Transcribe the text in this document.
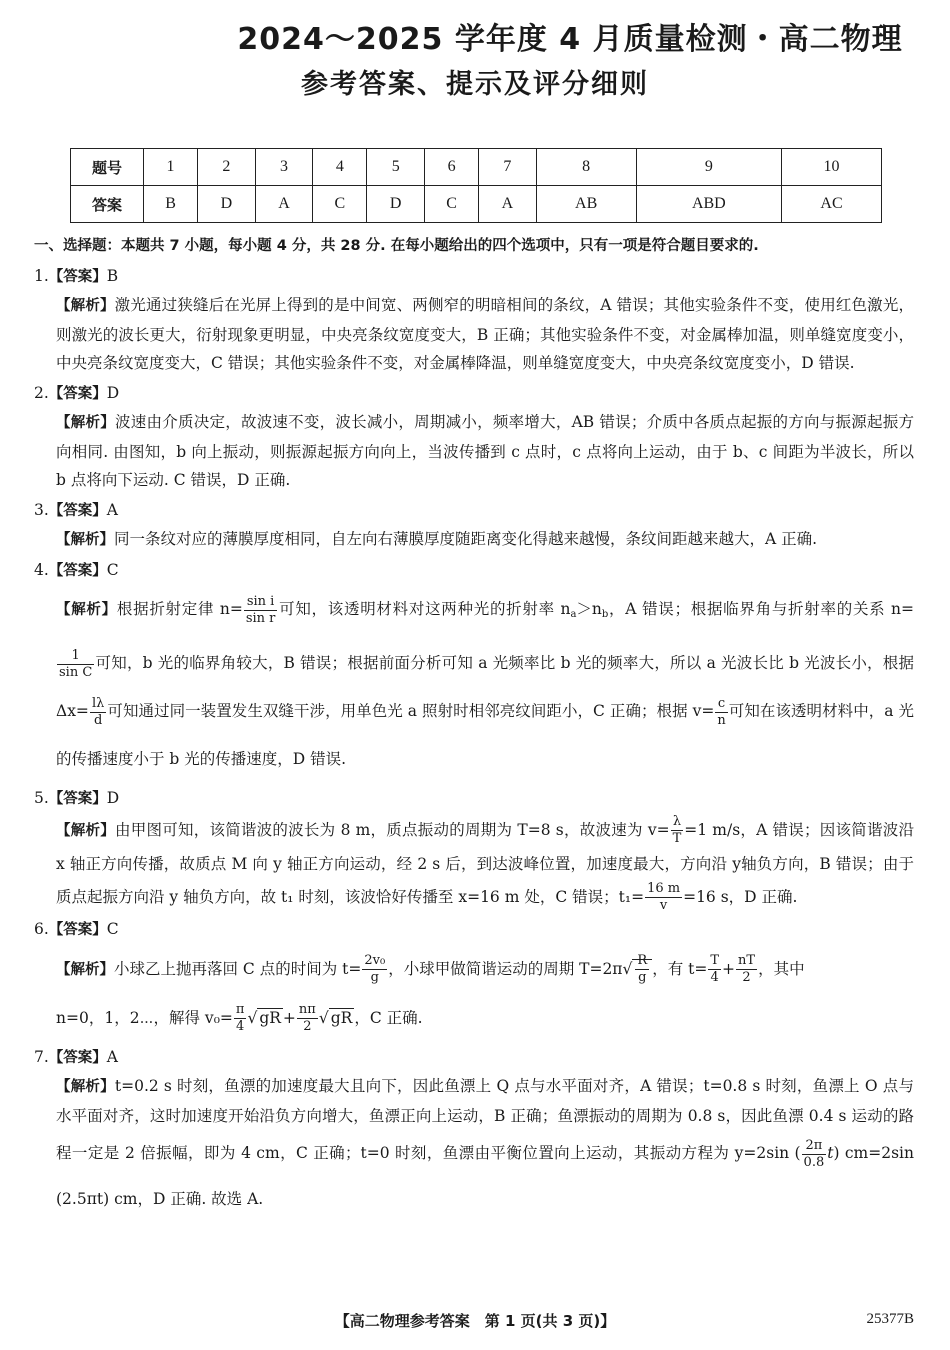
2024～2025 学年度 4 月质量检测・高二物理
参考答案、提示及评分细则
题号	1	2	3	4	5	6	7	8	9	10
答案	B	D	A	C	D	C	A	AB	ABD	AC
一、选择题：本题共 7 小题，每小题 4 分，共 28 分. 在每小题给出的四个选项中，只有一项是符合题目要求的.
1.【答案】B
【解析】激光通过狭缝后在光屏上得到的是中间宽、两侧窄的明暗相间的条纹，A 错误；其他实验条件不变，使用红色激光，则激光的波长更大，衍射现象更明显，中央亮条纹宽度变大，B 正确；其他实验条件不变，对金属棒加温，则单缝宽度变小，中央亮条纹宽度变大，C 错误；其他实验条件不变，对金属棒降温，则单缝宽度变大，中央亮条纹宽度变小，D 错误.
2.【答案】D
【解析】波速由介质决定，故波速不变，波长减小，周期减小，频率增大，AB 错误；介质中各质点起振的方向与振源起振方向相同. 由图知，b 向上振动，则振源起振方向向上，当波传播到 c 点时，c 点将向上运动，由于 b、c 间距为半波长，所以 b 点将向下运动. C 错误，D 正确.
3.【答案】A
【解析】同一条纹对应的薄膜厚度相同，自左向右薄膜厚度随距离变化得越来越慢，条纹间距越来越大，A 正确.
4.【答案】C
【解析】根据折射定律 $n= \frac{\text{sin i}}{\text{sin r}}$ 可知，该透明材料对这两种光的折射率 $n_a>n_b$，A 错误；根据临界角与折射率的关系 n=
$\frac{1}{\text{sin C}}$ 可知，b 光的临界角较大，B 错误；根据前面分析可知 a 光频率比 b 光的频率大，所以 a 光波长比 b 光波长小，根据 $\Delta x= \frac{l\lambda}{d}$ 可知通过同一装置发生双缝干涉，用单色光 a 照射时相邻亮纹间距小，C 正确；根据 $v= \frac{c}{n}$ 可知在该透明材料中，a 光的传播速度小于 b 光的传播速度，D 错误.
5.【答案】D
【解析】由甲图可知，该简谐波的波长为 8 m，质点振动的周期为 T=8 s，故波速为 $v= \frac{\lambda}{T} =1$ m/s，A 错误；因该简谐波沿 x 轴正方向传播，故质点 M 向 y 轴正方向运动，经 2 s 后，到达波峰位置，加速度最大，方向沿 y轴负方向，B 错误；由于质点起振方向沿 y 轴负方向，故 t₁ 时刻，该波恰好传播至 x=16 m 处，C 错误；$t_1= \frac{16 m}{v} =16$ s，D 正确.
6.【答案】C
【解析】小球乙上抛再落回 C 点的时间为 $t= \frac{\text{2v₀}}{g}$ ，小球甲做简谐运动的周期 $T=2\pi√ \frac{R}{g}$ ，有 $t= \frac{T}{4} + \frac{nT}{2}$ ，其中
n=0，1，2⋯，解得 $v_0= \frac{\pi}{4}$ √ gR + $\frac{n\pi}{2}$ √ gR ，C 正确.
7.【答案】A
【解析】t=0.2 s 时刻，鱼漂的加速度最大且向下，因此鱼漂上 Q 点与水平面对齐，A 错误；t=0.8 s 时刻，鱼漂上 O 点与水平面对齐，这时加速度开始沿负方向增大，鱼漂正向上运动，B 正确；鱼漂振动的周期为 0.8 s，因此鱼漂 0.4 s 运动的路程一定是 2 倍振幅，即为 4 cm，C 正确；t=0 时刻，鱼漂由平衡位置向上运动，其振动方程为 y=2sin ( $\frac{2\pi}{0.8} t$) cm=2sin (2.5πt) cm，D 正确. 故选 A.
【高二物理参考答案　第 1 页(共 3 页)】	25377B
